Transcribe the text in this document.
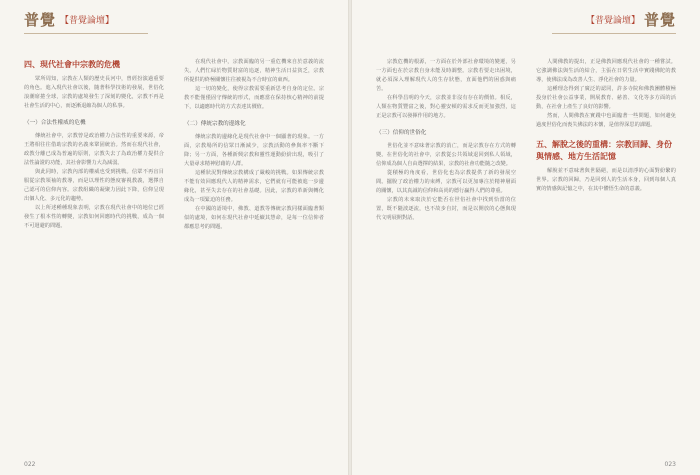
普覺 【普覺論壇】
四、現代社會中宗教的危機

眾所周知，宗教在人類的歷史長河中，曾經扮演過重要的角色。進入現代社會以後，隨著科學技術的發展，世俗化浪潮席捲全球，宗教的處境發生了深刻的變化，宗教不再是社會生活的中心，而逐漸退縮為個人的私事。

（一）合法性權威的危機

傳統社會中，宗教曾是政治權力合法性的重要來源，帝王將相往往借助宗教的名義來鞏固統治。然而在現代社會，政教分離已成為普遍的原則，宗教失去了為政治權力提供合法性論證的功能，其社會影響力大為減弱。

與此同時，宗教內部的權威也受到挑戰。信眾不再盲目服從宗教領袖的教導，而是以理性的態度審視教義，選擇自己認可的信仰內容。宗教組織的凝聚力因此下降，信仰呈現出個人化、多元化的趨勢。

以上所述種種現象表明，宗教在現代社會中的地位已經發生了根本性的轉變，宗教如何回應時代的挑戰，成為一個不可迴避的問題。

在現代社會中，宗教面臨的另一重危機來自於意義的流失。人們忙碌於物質財富的追逐，精神生活日益貧乏，宗教所提供的終極關懷往往被視為不合時宜的東西。

這一切的變化，使得宗教需要重新思考自身的定位。宗教不能僅僅固守傳統的形式，而應當在保持核心精神的前提下，以適應時代的方式表達其價值。

（二）傳統宗教的邊緣化

傳統宗教的邊緣化是現代社會中一個顯著的現象。一方面，宗教場所的信眾日漸減少，宗教活動的參與率不斷下降；另一方面，各種新興宗教和靈性運動紛紛出現，吸引了大量尋求精神慰藉的人群。

這種狀況對傳統宗教構成了嚴峻的挑戰。如果傳統宗教不能有效回應現代人的精神需求，它們就有可能被進一步邊緣化，甚至失去存在的社會基礎。因此，宗教的革新與轉化成為一項緊迫的任務。

在中國的語境中，佛教、道教等傳統宗教同樣面臨著類似的處境，如何在現代社會中延續其慧命，是每一位信仰者都應思考的問題。

022
【普覺論壇】 普覺

宗教危機的根源，一方面在於外部社會環境的變遷，另一方面也在於宗教自身未能及時調整。宗教若要走出困境，就必須深入理解現代人的生存狀態，直面他們的困惑與痛苦。

在科學昌明的今天，宗教並非沒有存在的價值。相反，人類在物質豐富之後，對心靈安頓的需求反而更加強烈，這正是宗教可以發揮作用的地方。

（三）信仰的世俗化

世俗化並不意味著宗教的消亡，而是宗教存在方式的轉變。在世俗化的社會中，宗教從公共領域退回到私人領域，信仰成為個人自由選擇的結果，宗教的社會功能隨之改變。

從積極的角度看，世俗化也為宗教提供了新的發展空間。擺脫了政治權力的束縛，宗教可以更加專注於精神層面的關懷，以其真誠的信仰和高尚的德行贏得人們的尊重。

宗教的未來取決於它能否在世俗社會中找到恰當的位置，既不隨波逐流，也不故步自封，而是以開放的心態與現代文明展開對話。

人間佛教的提出，正是佛教回應現代社會的一種嘗試。它強調佛法與生活的結合，主張在日常生活中實踐佛陀的教導，使佛法成為改善人生、淨化社會的力量。

這種理念得到了廣泛的認同，許多寺院和佛教團體積極投身於社會公益事業，開展教育、慈善、文化等多方面的活動，在社會上產生了良好的影響。

然而，人間佛教在實踐中也面臨著一些問題，如何避免過度世俗化而喪失佛法的本懷，是值得深思的課題。

五、解脫之後的重構：宗教回歸、身份與情感、地方生活記憶

解脫並不意味著與世隔絕，而是以清淨的心面對紛繁的世界。宗教的回歸，乃是回到人的生活本身，回到每個人真實的情感與記憶之中，在其中體悟生命的意義。

023
